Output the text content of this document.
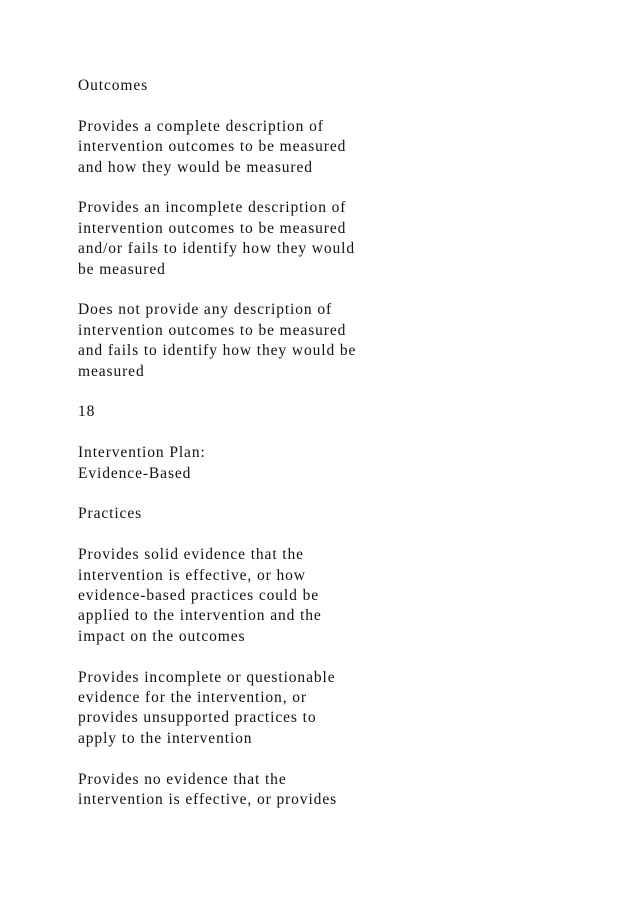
Outcomes

Provides a complete description of
intervention outcomes to be measured
and how they would be measured

Provides an incomplete description of
intervention outcomes to be measured
and/or fails to identify how they would
be measured

Does not provide any description of
intervention outcomes to be measured
and fails to identify how they would be
measured

18

Intervention Plan:
Evidence-Based

Practices

Provides solid evidence that the
intervention is effective, or how
evidence-based practices could be
applied to the intervention and the
impact on the outcomes

Provides incomplete or questionable
evidence for the intervention, or
provides unsupported practices to
apply to the intervention

Provides no evidence that the
intervention is effective, or provides
